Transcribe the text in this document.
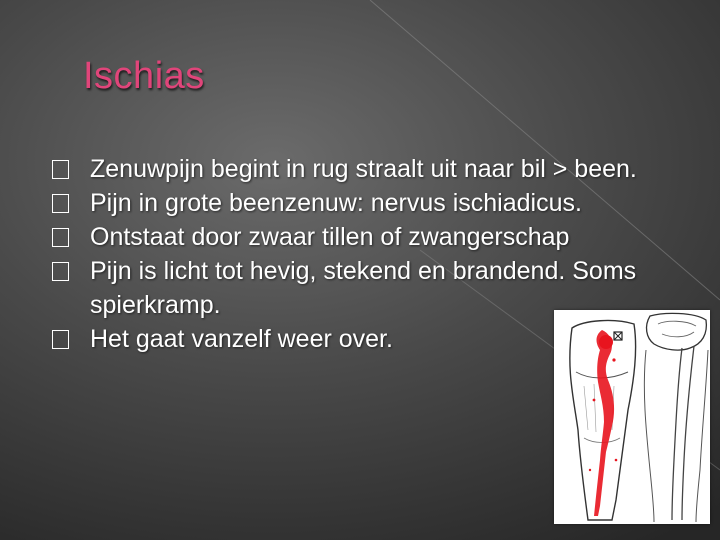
Ischias
Zenuwpijn begint in rug straalt uit naar bil > been.
Pijn in grote beenzenuw: nervus ischiadicus.
Ontstaat door zwaar tillen of zwangerschap
Pijn is licht tot hevig, stekend en brandend. Soms spierkramp.
Het gaat vanzelf weer over.
